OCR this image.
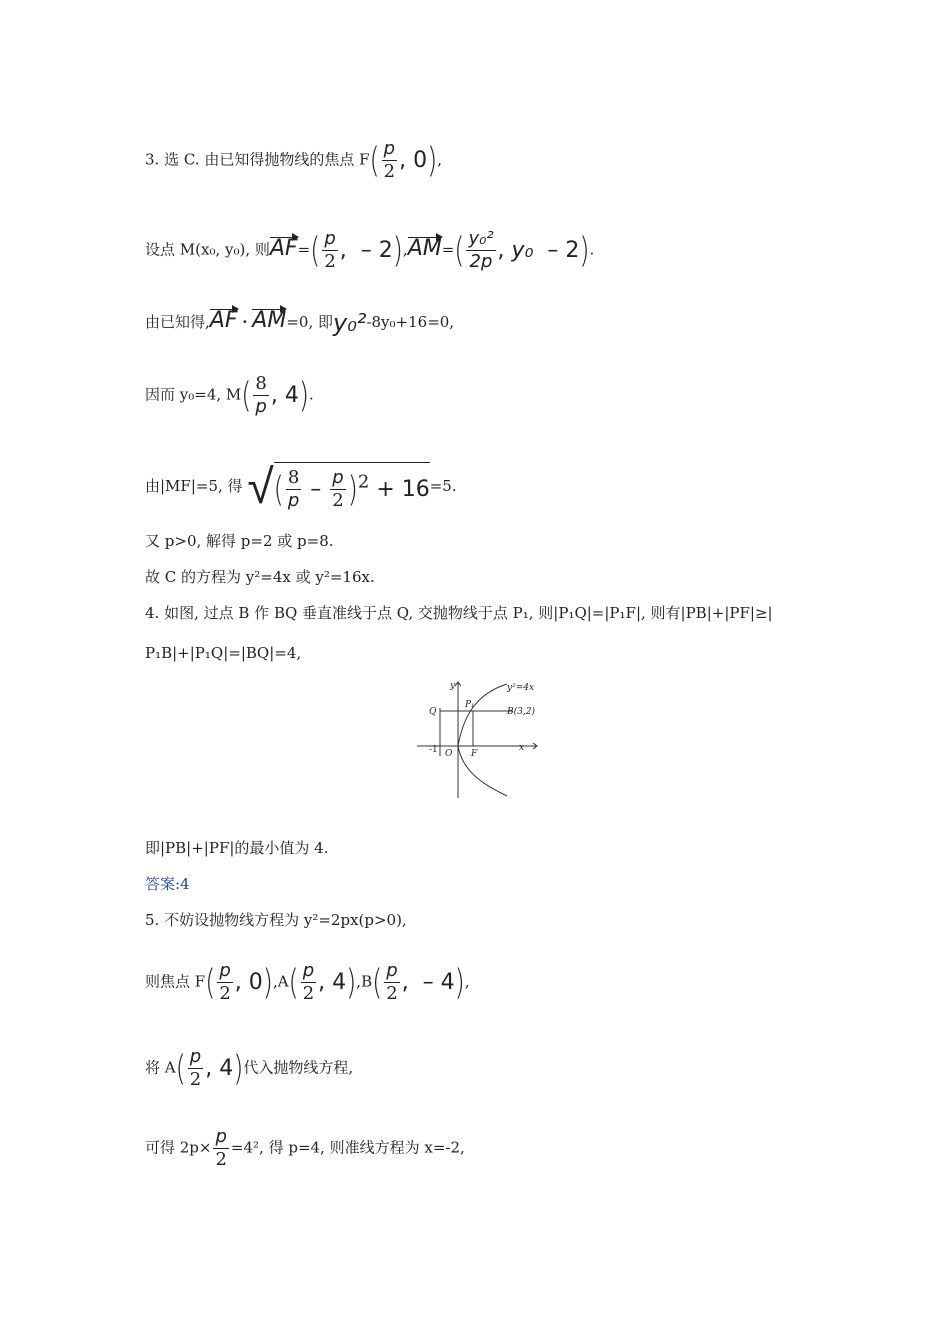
3. 选 C. 由已知得抛物线的焦点 $F( \frac{p}{2}$ , 0),
设点 M(x₀, y₀), 则$AF=( \frac{p}{2}$ ,  – $2),AM=( \frac{\text{y₀²}}{2p}$ , y₀ – 2).
由已知得,AF · AM=0, 即y₀²-8y₀+16=0,
因而 y₀=4, $M( \frac{8}{p}$ , 4).
由|MF|=5, 得 √( $\frac{8}{p} - \frac{p}{2} )^2 + 16=5$.
又 p>0, 解得 p=2 或 p=8.
故 C 的方程为 y²=4x 或 y²=16x.
4. 如图, 过点 B 作 BQ 垂直准线于点 Q, 交抛物线于点 P₁, 则|P₁Q|=|P₁F|, 则有|PB|+|PF|≥|
P₁B|+|P₁Q|=|BQ|=4,
y	y²=4x
Q
P₁
B(3,2)
-1 O F
x
即|PB|+|PF|的最小值为 4.
答案:4
5. 不妨设抛物线方程为 y²=2px(p>0),
则焦点 $F( \frac{p}{2}$ , $0),A( \frac{p}{2}$ , $4),B( \frac{p}{2}$ ,  – 4),
将 $A( \frac{p}{2}$ , 4)代入抛物线方程,
可得 $2p\times \frac{p}{2} =4^2$, 得 p=4, 则准线方程为 x=-2,
